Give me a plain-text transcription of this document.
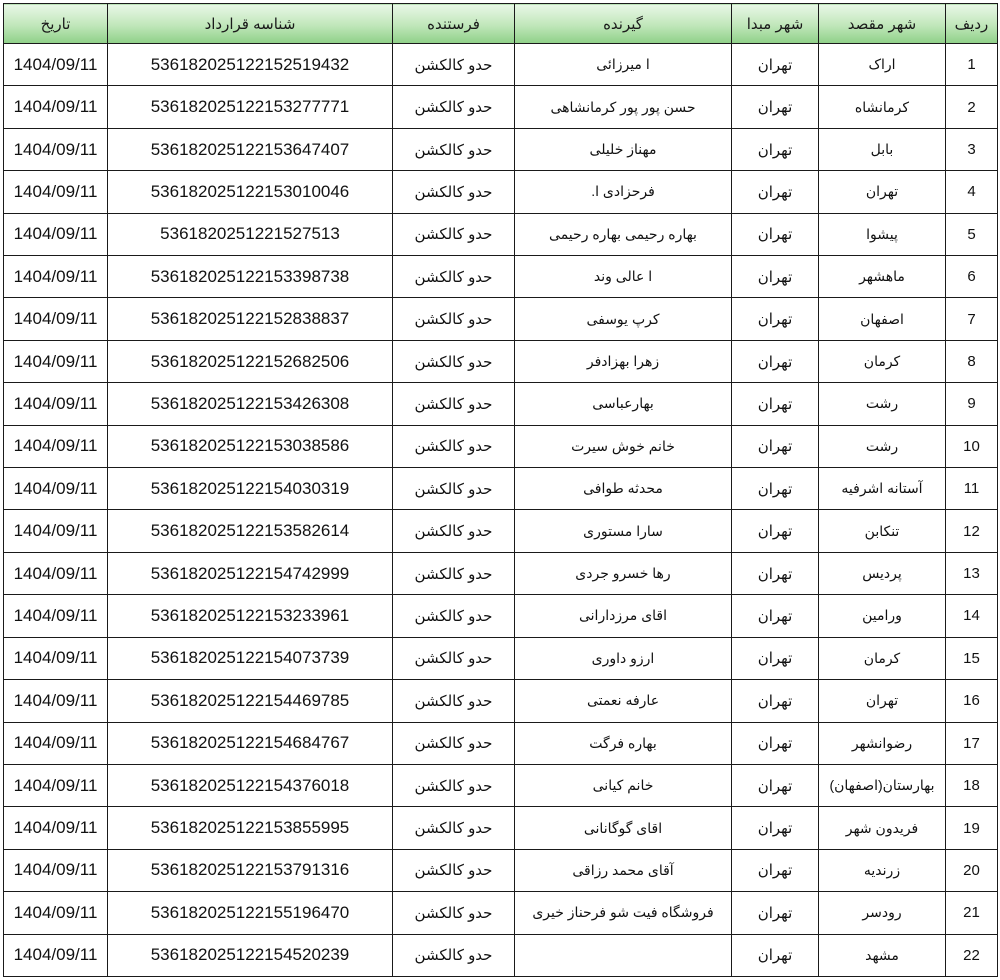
ردیف	شهر مقصد	شهر مبدا	گیرنده	فرستنده	شناسه قرارداد	تاریخ
1	اراک	تهران	ا میرزائی	حدو کالکشن	536182025122152519432	1404/09/11
2	کرمانشاه	تهران	حسن پور پور کرمانشاهی	حدو کالکشن	536182025122153277771	1404/09/11
3	بابل	تهران	مهناز خلیلی	حدو کالکشن	536182025122153647407	1404/09/11
4	تهران	تهران	فرحزادی ا.	حدو کالکشن	536182025122153010046	1404/09/11
5	پیشوا	تهران	بهاره رحیمی بهاره رحیمی	حدو کالکشن	5361820251221527513	1404/09/11
6	ماهشهر	تهران	ا عالی وند	حدو کالکشن	536182025122153398738	1404/09/11
7	اصفهان	تهران	کرپ یوسفی	حدو کالکشن	536182025122152838837	1404/09/11
8	کرمان	تهران	زهرا بهزادفر	حدو کالکشن	536182025122152682506	1404/09/11
9	رشت	تهران	بهارعباسی	حدو کالکشن	536182025122153426308	1404/09/11
10	رشت	تهران	خانم خوش سیرت	حدو کالکشن	536182025122153038586	1404/09/11
11	آستانه اشرفیه	تهران	محدثه طوافی	حدو کالکشن	536182025122154030319	1404/09/11
12	تنکابن	تهران	سارا مستوری	حدو کالکشن	536182025122153582614	1404/09/11
13	پردیس	تهران	رها خسرو جردی	حدو کالکشن	536182025122154742999	1404/09/11
14	ورامین	تهران	اقای مرزدارانی	حدو کالکشن	536182025122153233961	1404/09/11
15	کرمان	تهران	ارزو داوری	حدو کالکشن	536182025122154073739	1404/09/11
16	تهران	تهران	عارفه نعمتی	حدو کالکشن	536182025122154469785	1404/09/11
17	رضوانشهر	تهران	بهاره فرگت	حدو کالکشن	536182025122154684767	1404/09/11
18	بهارستان(اصفهان)	تهران	خانم کیانی	حدو کالکشن	536182025122154376018	1404/09/11
19	فریدون شهر	تهران	اقای گوگانانی	حدو کالکشن	536182025122153855995	1404/09/11
20	زرندیه	تهران	آقای محمد رزاقی	حدو کالکشن	536182025122153791316	1404/09/11
21	رودسر	تهران	فروشگاه فیت شو فرحناز خیری	حدو کالکشن	536182025122155196470	1404/09/11
22	مشهد	تهران		حدو کالکشن	536182025122154520239	1404/09/11
